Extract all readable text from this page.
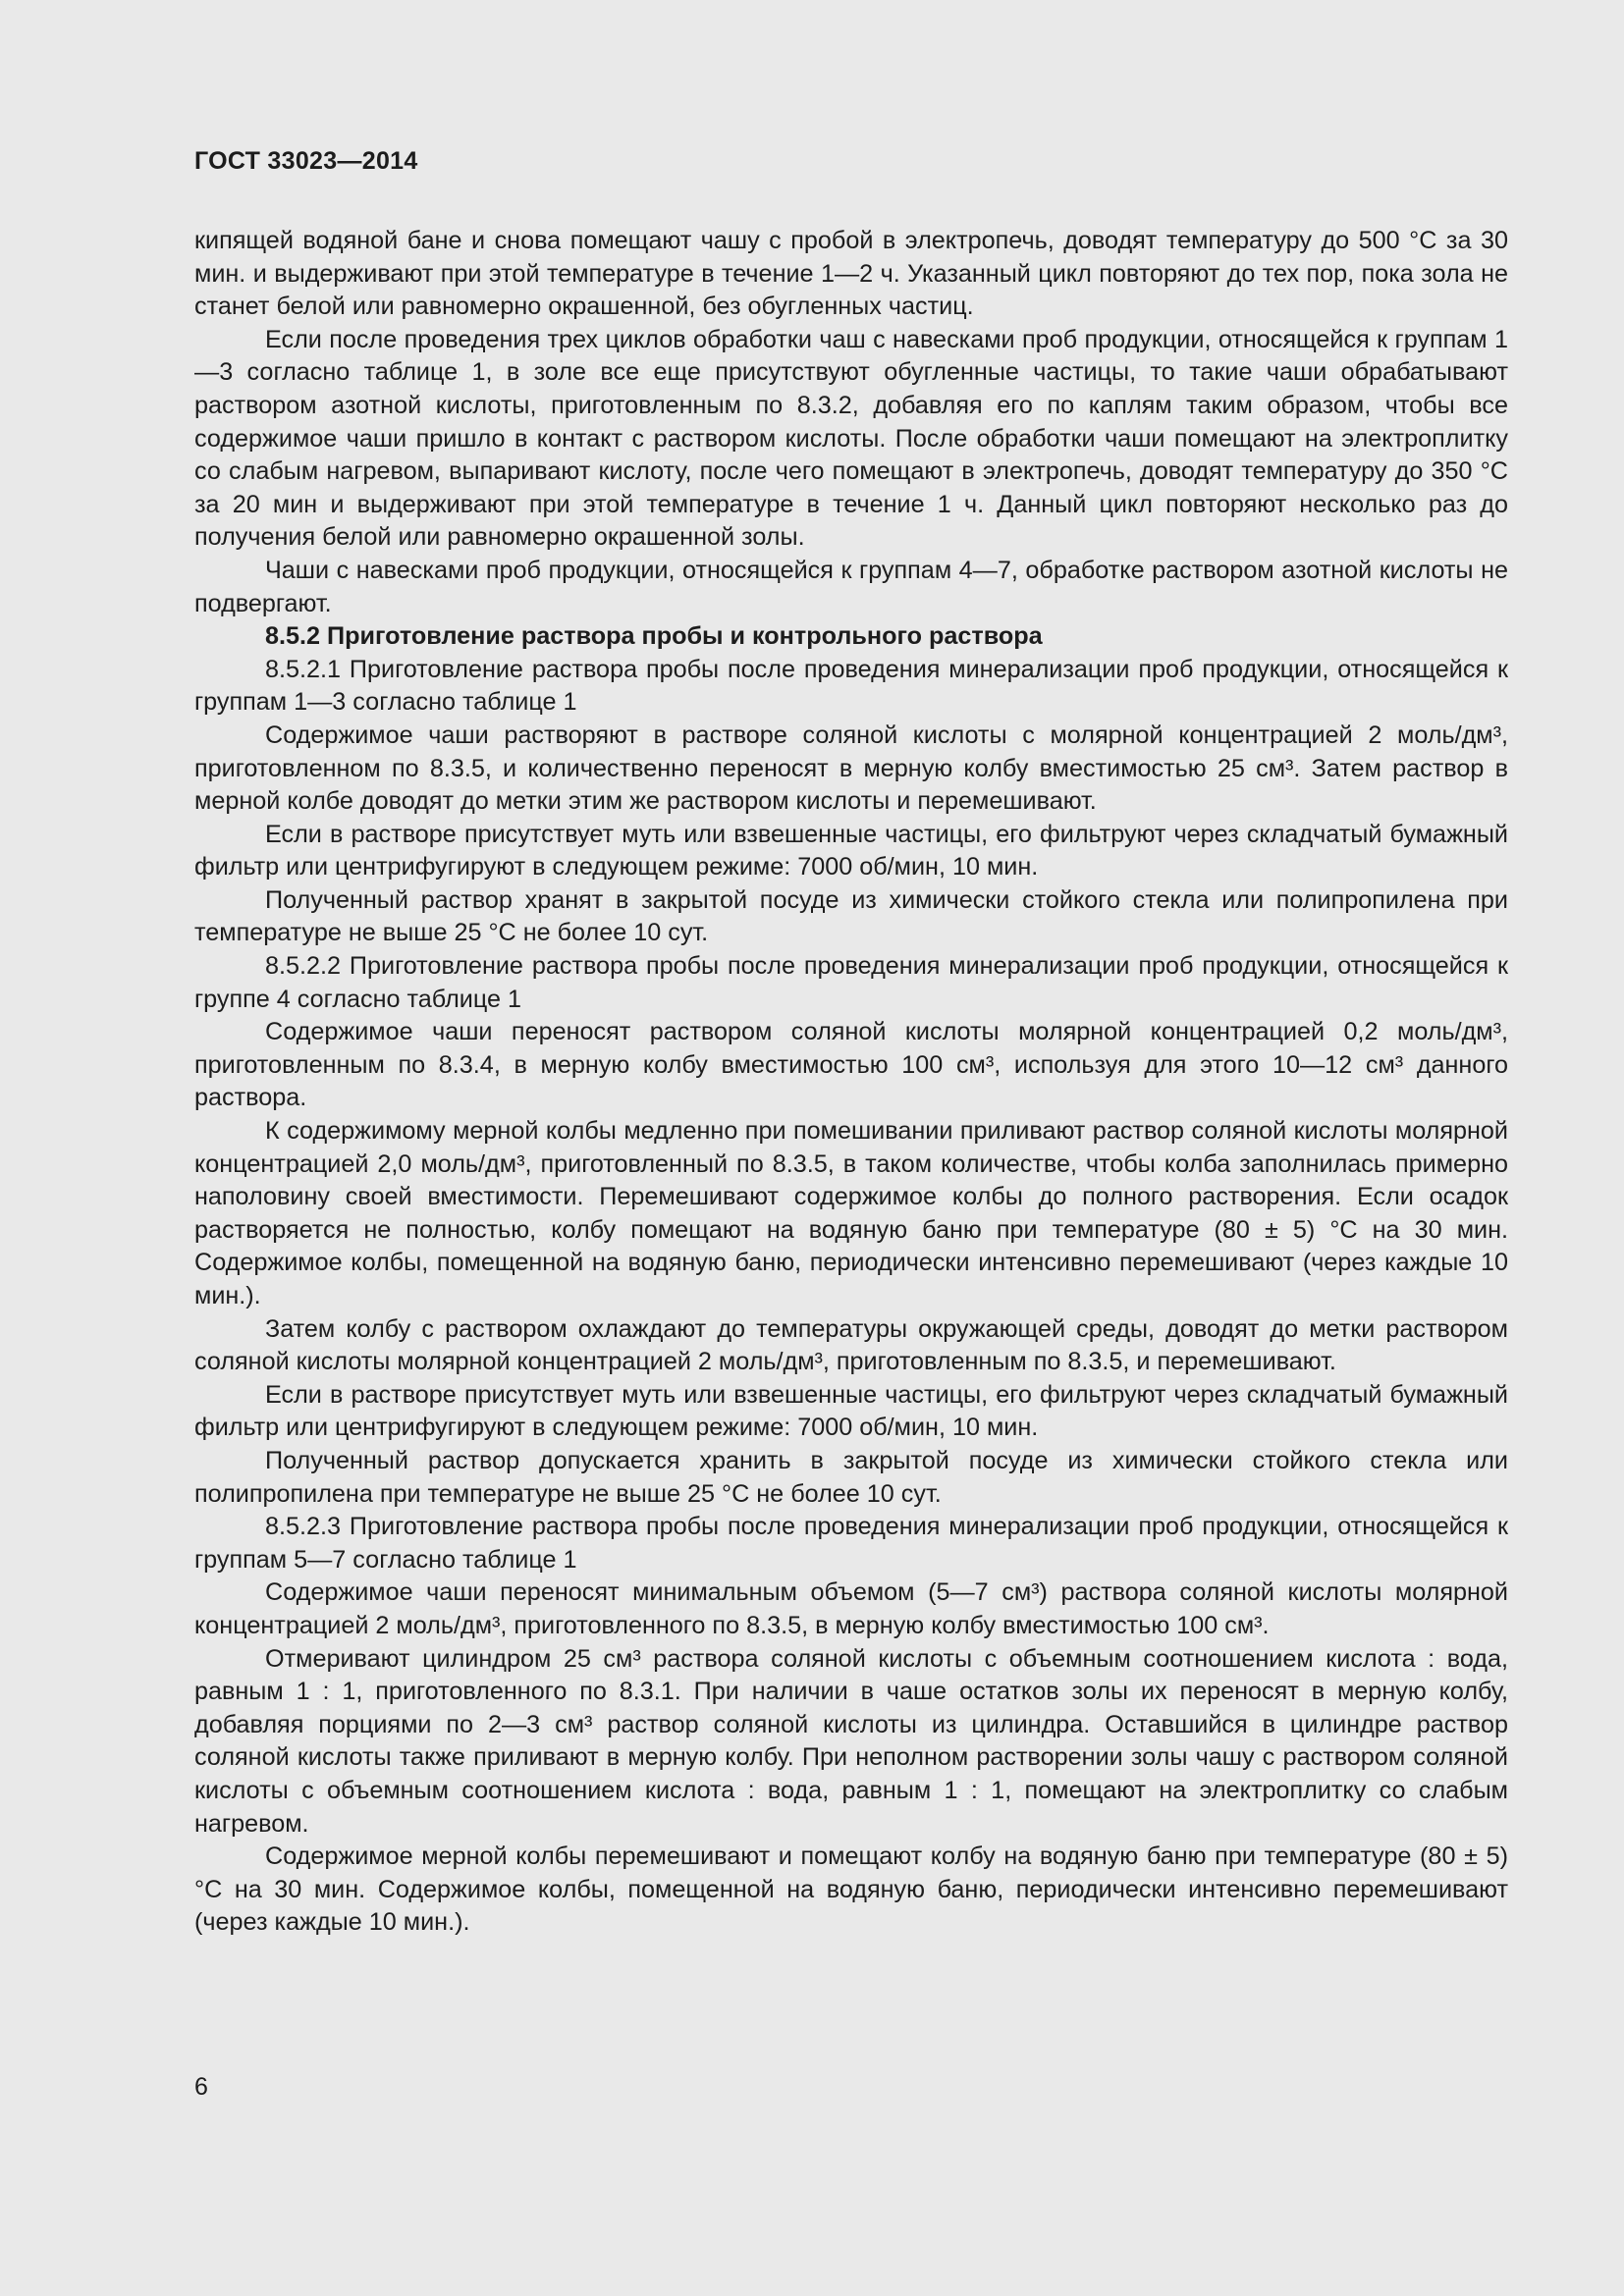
ГОСТ 33023—2014

кипящей водяной бане и снова помещают чашу с пробой в электропечь, доводят температуру до 500 °С за 30 мин. и выдерживают при этой температуре в течение 1—2 ч. Указанный цикл повторяют до тех пор, пока зола не станет белой или равномерно окрашенной, без обугленных частиц.

Если после проведения трех циклов обработки чаш с навесками проб продукции, относящейся к группам 1—3 согласно таблице 1, в золе все еще присутствуют обугленные частицы, то такие чаши обрабатывают раствором азотной кислоты, приготовленным по 8.3.2, добавляя его по каплям таким образом, чтобы все содержимое чаши пришло в контакт с раствором кислоты. После обработки чаши помещают на электроплитку со слабым нагревом, выпаривают кислоту, после чего помещают в электропечь, доводят температуру до 350 °С за 20 мин и выдерживают при этой температуре в течение 1 ч. Данный цикл повторяют несколько раз до получения белой или равномерно окрашенной золы.

Чаши с навесками проб продукции, относящейся к группам 4—7, обработке раствором азотной кислоты не подвергают.

8.5.2 Приготовление раствора пробы и контрольного раствора

8.5.2.1 Приготовление раствора пробы после проведения минерализации проб продукции, относящейся к группам 1—3 согласно таблице 1

Содержимое чаши растворяют в растворе соляной кислоты с молярной концентрацией 2 моль/дм³, приготовленном по 8.3.5, и количественно переносят в мерную колбу вместимостью 25 см³. Затем раствор в мерной колбе доводят до метки этим же раствором кислоты и перемешивают.

Если в растворе присутствует муть или взвешенные частицы, его фильтруют через складчатый бумажный фильтр или центрифугируют в следующем режиме: 7000 об/мин, 10 мин.

Полученный раствор хранят в закрытой посуде из химически стойкого стекла или полипропилена при температуре не выше 25 °С не более 10 сут.

8.5.2.2 Приготовление раствора пробы после проведения минерализации проб продукции, относящейся к группе 4 согласно таблице 1

Содержимое чаши переносят раствором соляной кислоты молярной концентрацией 0,2 моль/дм³, приготовленным по 8.3.4, в мерную колбу вместимостью 100 см³, используя для этого 10—12 см³ данного раствора.

К содержимому мерной колбы медленно при помешивании приливают раствор соляной кислоты молярной концентрацией 2,0 моль/дм³, приготовленный по 8.3.5, в таком количестве, чтобы колба заполнилась примерно наполовину своей вместимости. Перемешивают содержимое колбы до полного растворения. Если осадок растворяется не полностью, колбу помещают на водяную баню при температуре (80 ± 5) °С на 30 мин. Содержимое колбы, помещенной на водяную баню, периодически интенсивно перемешивают (через каждые 10 мин.).

Затем колбу с раствором охлаждают до температуры окружающей среды, доводят до метки раствором соляной кислоты молярной концентрацией 2 моль/дм³, приготовленным по 8.3.5, и перемешивают.

Если в растворе присутствует муть или взвешенные частицы, его фильтруют через складчатый бумажный фильтр или центрифугируют в следующем режиме: 7000 об/мин, 10 мин.

Полученный раствор допускается хранить в закрытой посуде из химически стойкого стекла или полипропилена при температуре не выше 25 °С не более 10 сут.

8.5.2.3 Приготовление раствора пробы после проведения минерализации проб продукции, относящейся к группам 5—7 согласно таблице 1

Содержимое чаши переносят минимальным объемом (5—7 см³) раствора соляной кислоты молярной концентрацией 2 моль/дм³, приготовленного по 8.3.5, в мерную колбу вместимостью 100 см³.

Отмеривают цилиндром 25 см³ раствора соляной кислоты с объемным соотношением кислота : вода, равным 1 : 1, приготовленного по 8.3.1. При наличии в чаше остатков золы их переносят в мерную колбу, добавляя порциями по 2—3 см³ раствор соляной кислоты из цилиндра. Оставшийся в цилиндре раствор соляной кислоты также приливают в мерную колбу. При неполном растворении золы чашу с раствором соляной кислоты с объемным соотношением кислота : вода, равным 1 : 1, помещают на электроплитку со слабым нагревом.

Содержимое мерной колбы перемешивают и помещают колбу на водяную баню при температуре (80 ± 5) °С на 30 мин. Содержимое колбы, помещенной на водяную баню, периодически интенсивно перемешивают (через каждые 10 мин.).

6
